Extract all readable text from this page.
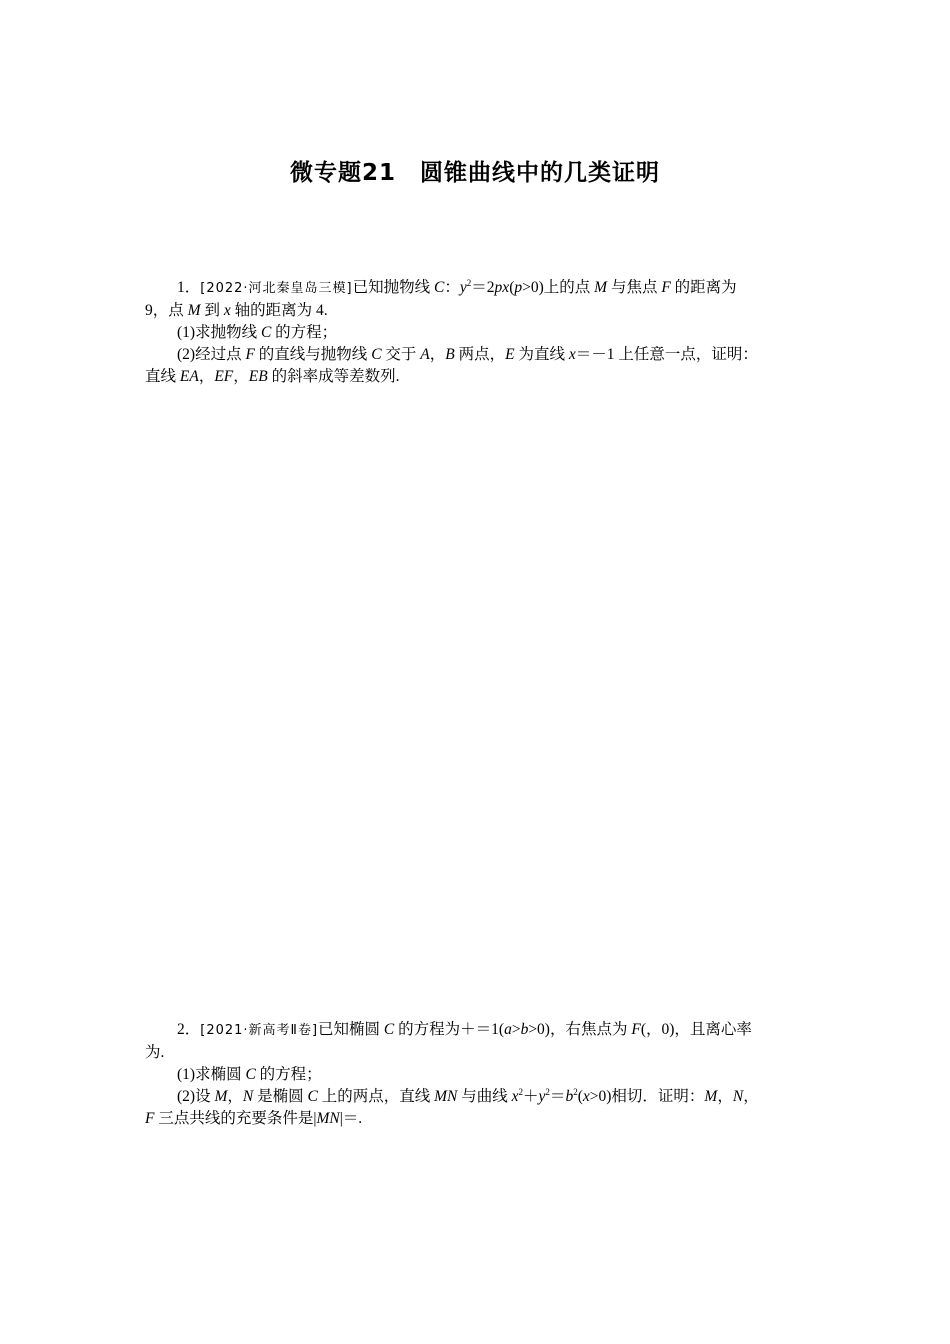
微专题21　圆锥曲线中的几类证明

1．[2022·河北秦皇岛三模]已知抛物线 C：$y^2=2px(p>0)$上的点 M 与焦点 F 的距离为

9，点 M 到 x 轴的距离为 4.

(1)求抛物线 C 的方程；

(2)经过点 F 的直线与抛物线 C 交于 A，B 两点，E 为直线 x＝－1 上任意一点，证明：

直线 EA，EF，EB 的斜率成等差数列.

2．[2021·新高考Ⅱ卷]已知椭圆 C 的方程为＋＝1(a>b>0)，右焦点为 F(，0)，且离心率

为.

(1)求椭圆 C 的方程；

(2)设 M，N 是椭圆 C 上的两点，直线 MN 与曲线 $x^2+y^2=b^2(x>0)$相切．证明：M，N，

F 三点共线的充要条件是|MN|＝.
